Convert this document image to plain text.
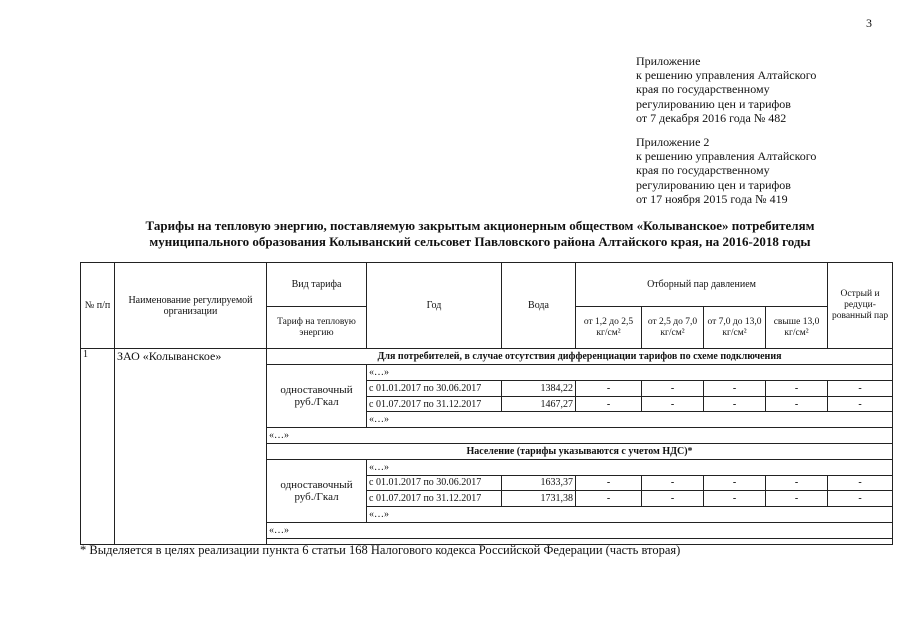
3
Приложение
к решению управления Алтайского
края по государственному
регулированию цен и тарифов
от 7 декабря 2016 года № 482
Приложение 2
к решению управления Алтайского
края по государственному
регулированию цен и тарифов
от 17 ноября 2015 года № 419
Тарифы на тепловую энергию, поставляемую закрытым акционерным обществом «Колыванское» потребителям
муниципального образования Колыванский сельсовет Павловского района Алтайского края, на 2016-2018 годы
№ п/п	Наименование регулируемой организации	Вид тарифа	Год	Вода	Отборный пар давлением				Острый и редуци-рованный пар
		Тариф на тепловую энергию			от 1,2 до 2,5 кг/см²	от 2,5 до 7,0 кг/см²	от 7,0 до 13,0 кг/см²	свыше 13,0 кг/см²	
1	ЗАО «Колыванское»	Для потребителей, в случае отсутствия дифференциации тарифов по схеме подключения							
		одноставочный руб./Гкал	«…»						
			с 01.01.2017 по 30.06.2017	1384,22	-	-	-	-	-
			с 01.07.2017 по 31.12.2017	1467,27	-	-	-	-	-
			«…»						
		«…»							
		Население (тарифы указываются с учетом НДС)*							
		одноставочный руб./Гкал	«…»						
			с 01.01.2017 по 30.06.2017	1633,37	-	-	-	-	-
			с 01.07.2017 по 31.12.2017	1731,38	-	-	-	-	-
			«…»						
		«…»							

* Выделяется в целях реализации пункта 6 статьи 168 Налогового кодекса Российской Федерации (часть вторая)
